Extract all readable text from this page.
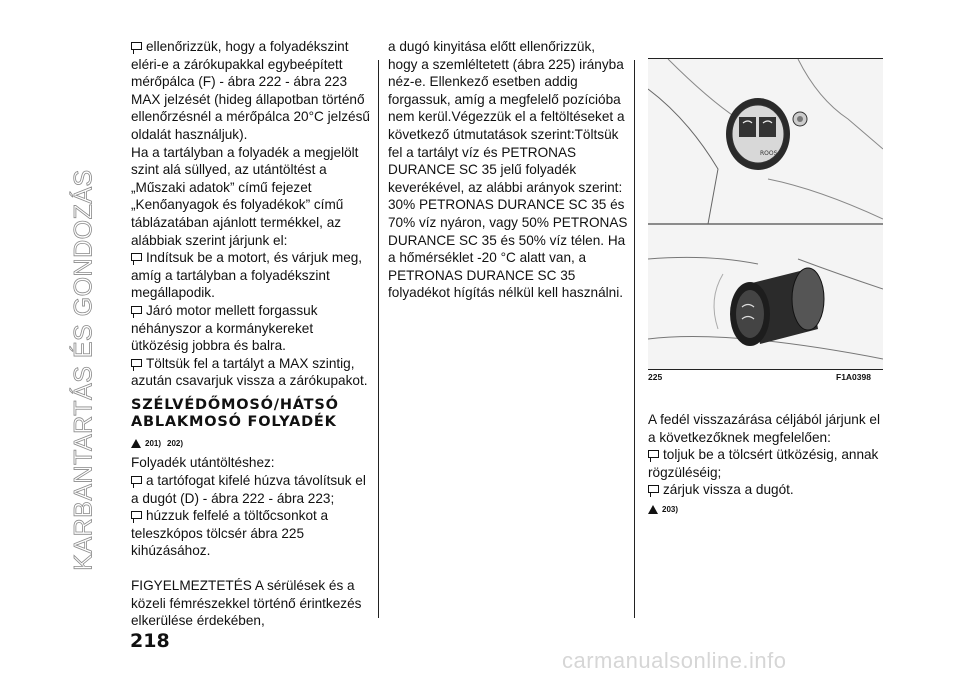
KARBANTARTÁS ÉS GONDOZÁS

ellenőrizzük, hogy a folyadékszint eléri-e a zárókupakkal egybeépített mérőpálca (F) - ábra 222 - ábra 223 MAX jelzését (hideg állapotban történő ellenőrzésnél a mérőpálca 20°C jelzésű oldalát használjuk).

Ha a tartályban a folyadék a megjelölt szint alá süllyed, az utántöltést a „Műszaki adatok” című fejezet „Kenőanyagok és folyadékok” című táblázatában ajánlott termékkel, az alábbiak szerint járjunk el:

Indítsuk be a motort, és várjuk meg, amíg a tartályban a folyadékszint megállapodik.

Járó motor mellett forgassuk néhányszor a kormánykereket ütközésig jobbra és balra.

Töltsük fel a tartályt a MAX szintig, azután csavarjuk vissza a zárókupakot.

SZÉLVÉDŐMOSÓ/HÁTSÓ
ABLAKMOSÓ FOLYADÉK
201) 202)

Folyadék utántöltéshez:

a tartófogat kifelé húzva távolítsuk el a dugót (D) - ábra 222 - ábra 223;

húzzuk felfelé a töltőcsonkot a teleszkópos tölcsér ábra 225 kihúzásához.

FIGYELMEZTETÉS A sérülések és a közeli fémrészekkel történő érintkezés elkerülése érdekében,

a dugó kinyitása előtt ellenőrizzük, hogy a szemléltetett (ábra 225) irányba néz-e. Ellenkező esetben addig forgassuk, amíg a megfelelő pozícióba nem kerül.Végezzük el a feltöltéseket a következő útmutatások szerint:Töltsük fel a tartályt víz és PETRONAS DURANCE SC 35 jelű folyadék keverékével, az alábbi arányok szerint: 30% PETRONAS DURANCE SC 35 és 70% víz nyáron, vagy 50% PETRONAS DURANCE SC 35 és 50% víz télen. Ha a hőmérséklet -20 °C alatt van, a PETRONAS DURANCE SC 35 folyadékot hígítás nélkül kell használni.

ROOS
225	F1A0398

A fedél visszazárása céljából járjunk el a következőknek megfelelően:

toljuk be a tölcsért ütközésig, annak rögzüléséig;

zárjuk vissza a dugót.

203)
218
carmanualsonline.info
